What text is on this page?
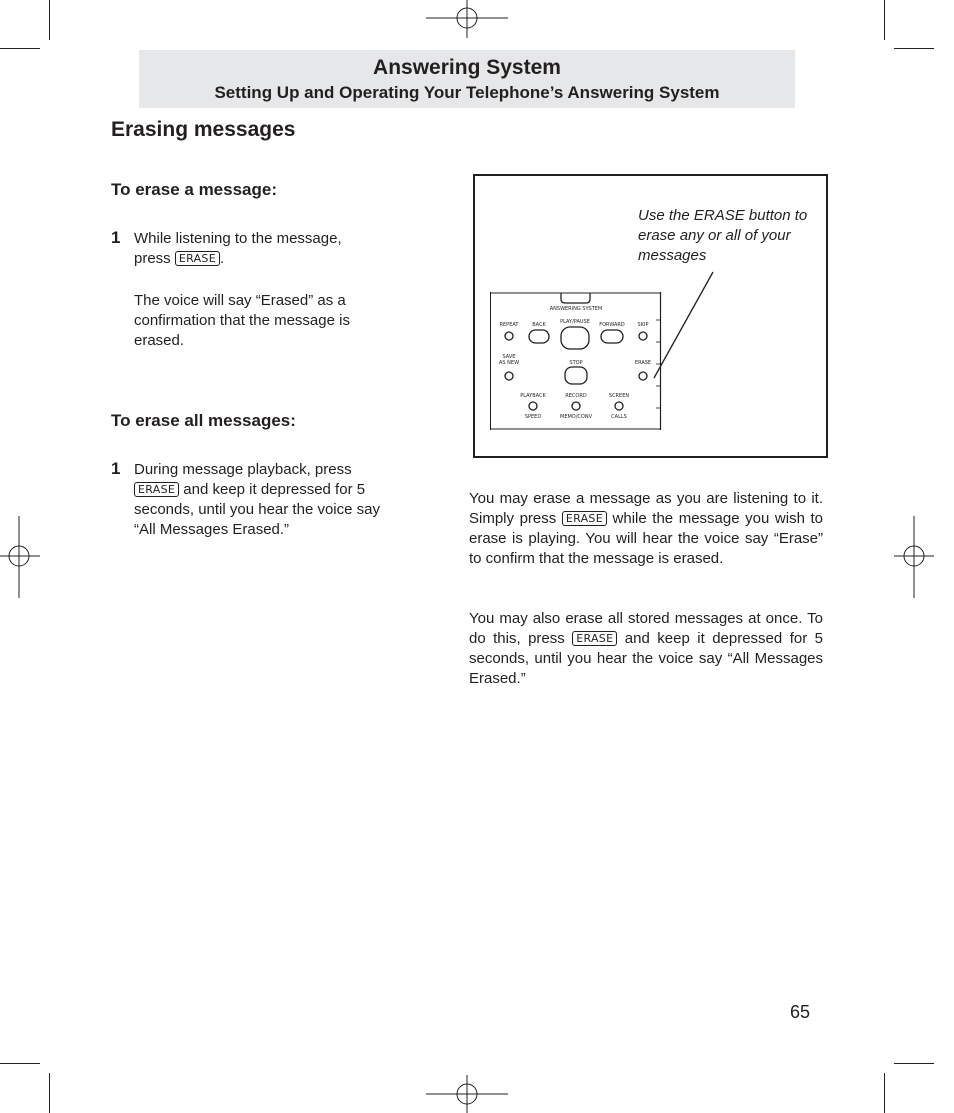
Answering System
Setting Up and Operating Your Telephone’s Answering System
Erasing messages
To erase a message:
1 While listening to the message,
press ERASE .
The voice will say “Erased” as a confirmation that the message is erased.
To erase all messages:
1 During message playback, press ERASE and keep it depressed for 5 seconds, until you hear the voice say “All Messages Erased.”
Use the ERASE button to erase any or all of your messages
ANSWERING SYSTEM
REPEAT	BACK	PLAY/PAUSE FORWARD	SKIP
SAVE
AS NEW	STOP	ERASE
PLAYBACK	RECORD	SCREEN
SPEED	MEMO/CONV	CALLS
You may erase a message as you are listening to it. Simply press ERASE while the message you wish to erase is playing. You will hear the voice say “Erase” to confirm that the message is erased.
You may also erase all stored messages at once. To do this, press ERASE and keep it depressed for 5 seconds, until you hear the voice say “All Messages Erased.”
65
